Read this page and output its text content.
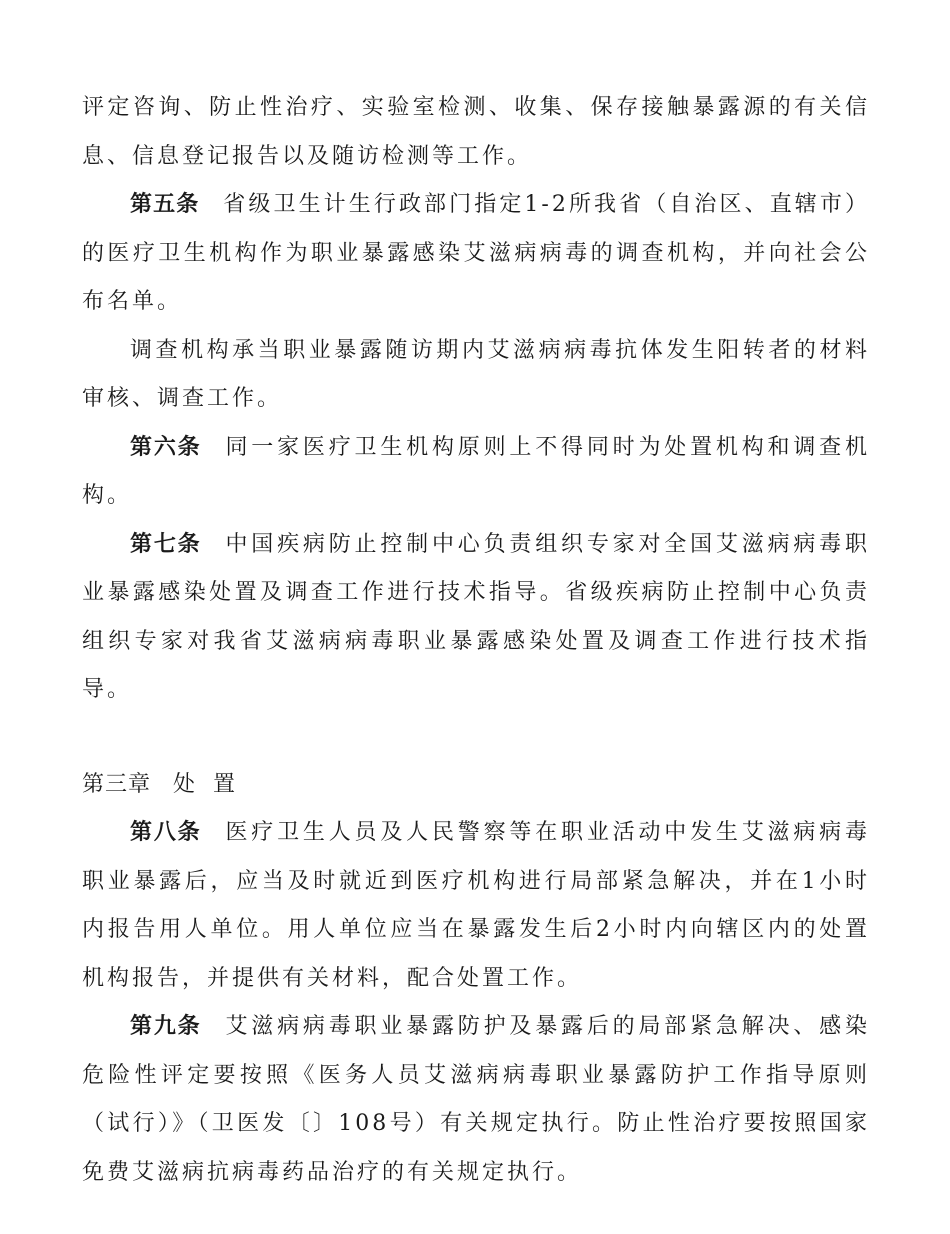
评定咨询、防止性治疗、实验室检测、收集、保存接触暴露源的有关信息、信息登记报告以及随访检测等工作。

第五条 省级卫生计生行政部门指定1-2所我省（自治区、直辖市）的医疗卫生机构作为职业暴露感染艾滋病病毒的调查机构，并向社会公布名单。

调查机构承当职业暴露随访期内艾滋病病毒抗体发生阳转者的材料审核、调查工作。

第六条 同一家医疗卫生机构原则上不得同时为处置机构和调查机构。

第七条 中国疾病防止控制中心负责组织专家对全国艾滋病病毒职业暴露感染处置及调查工作进行技术指导。省级疾病防止控制中心负责组织专家对我省艾滋病病毒职业暴露感染处置及调查工作进行技术指导。

第三章 处置

第八条 医疗卫生人员及人民警察等在职业活动中发生艾滋病病毒职业暴露后，应当及时就近到医疗机构进行局部紧急解决，并在1小时内报告用人单位。用人单位应当在暴露发生后2小时内向辖区内的处置机构报告，并提供有关材料，配合处置工作。

第九条 艾滋病病毒职业暴露防护及暴露后的局部紧急解决、感染危险性评定要按照《医务人员艾滋病病毒职业暴露防护工作指导原则（试行）》（卫医发〔〕108号）有关规定执行。防止性治疗要按照国家免费艾滋病抗病毒药品治疗的有关规定执行。
